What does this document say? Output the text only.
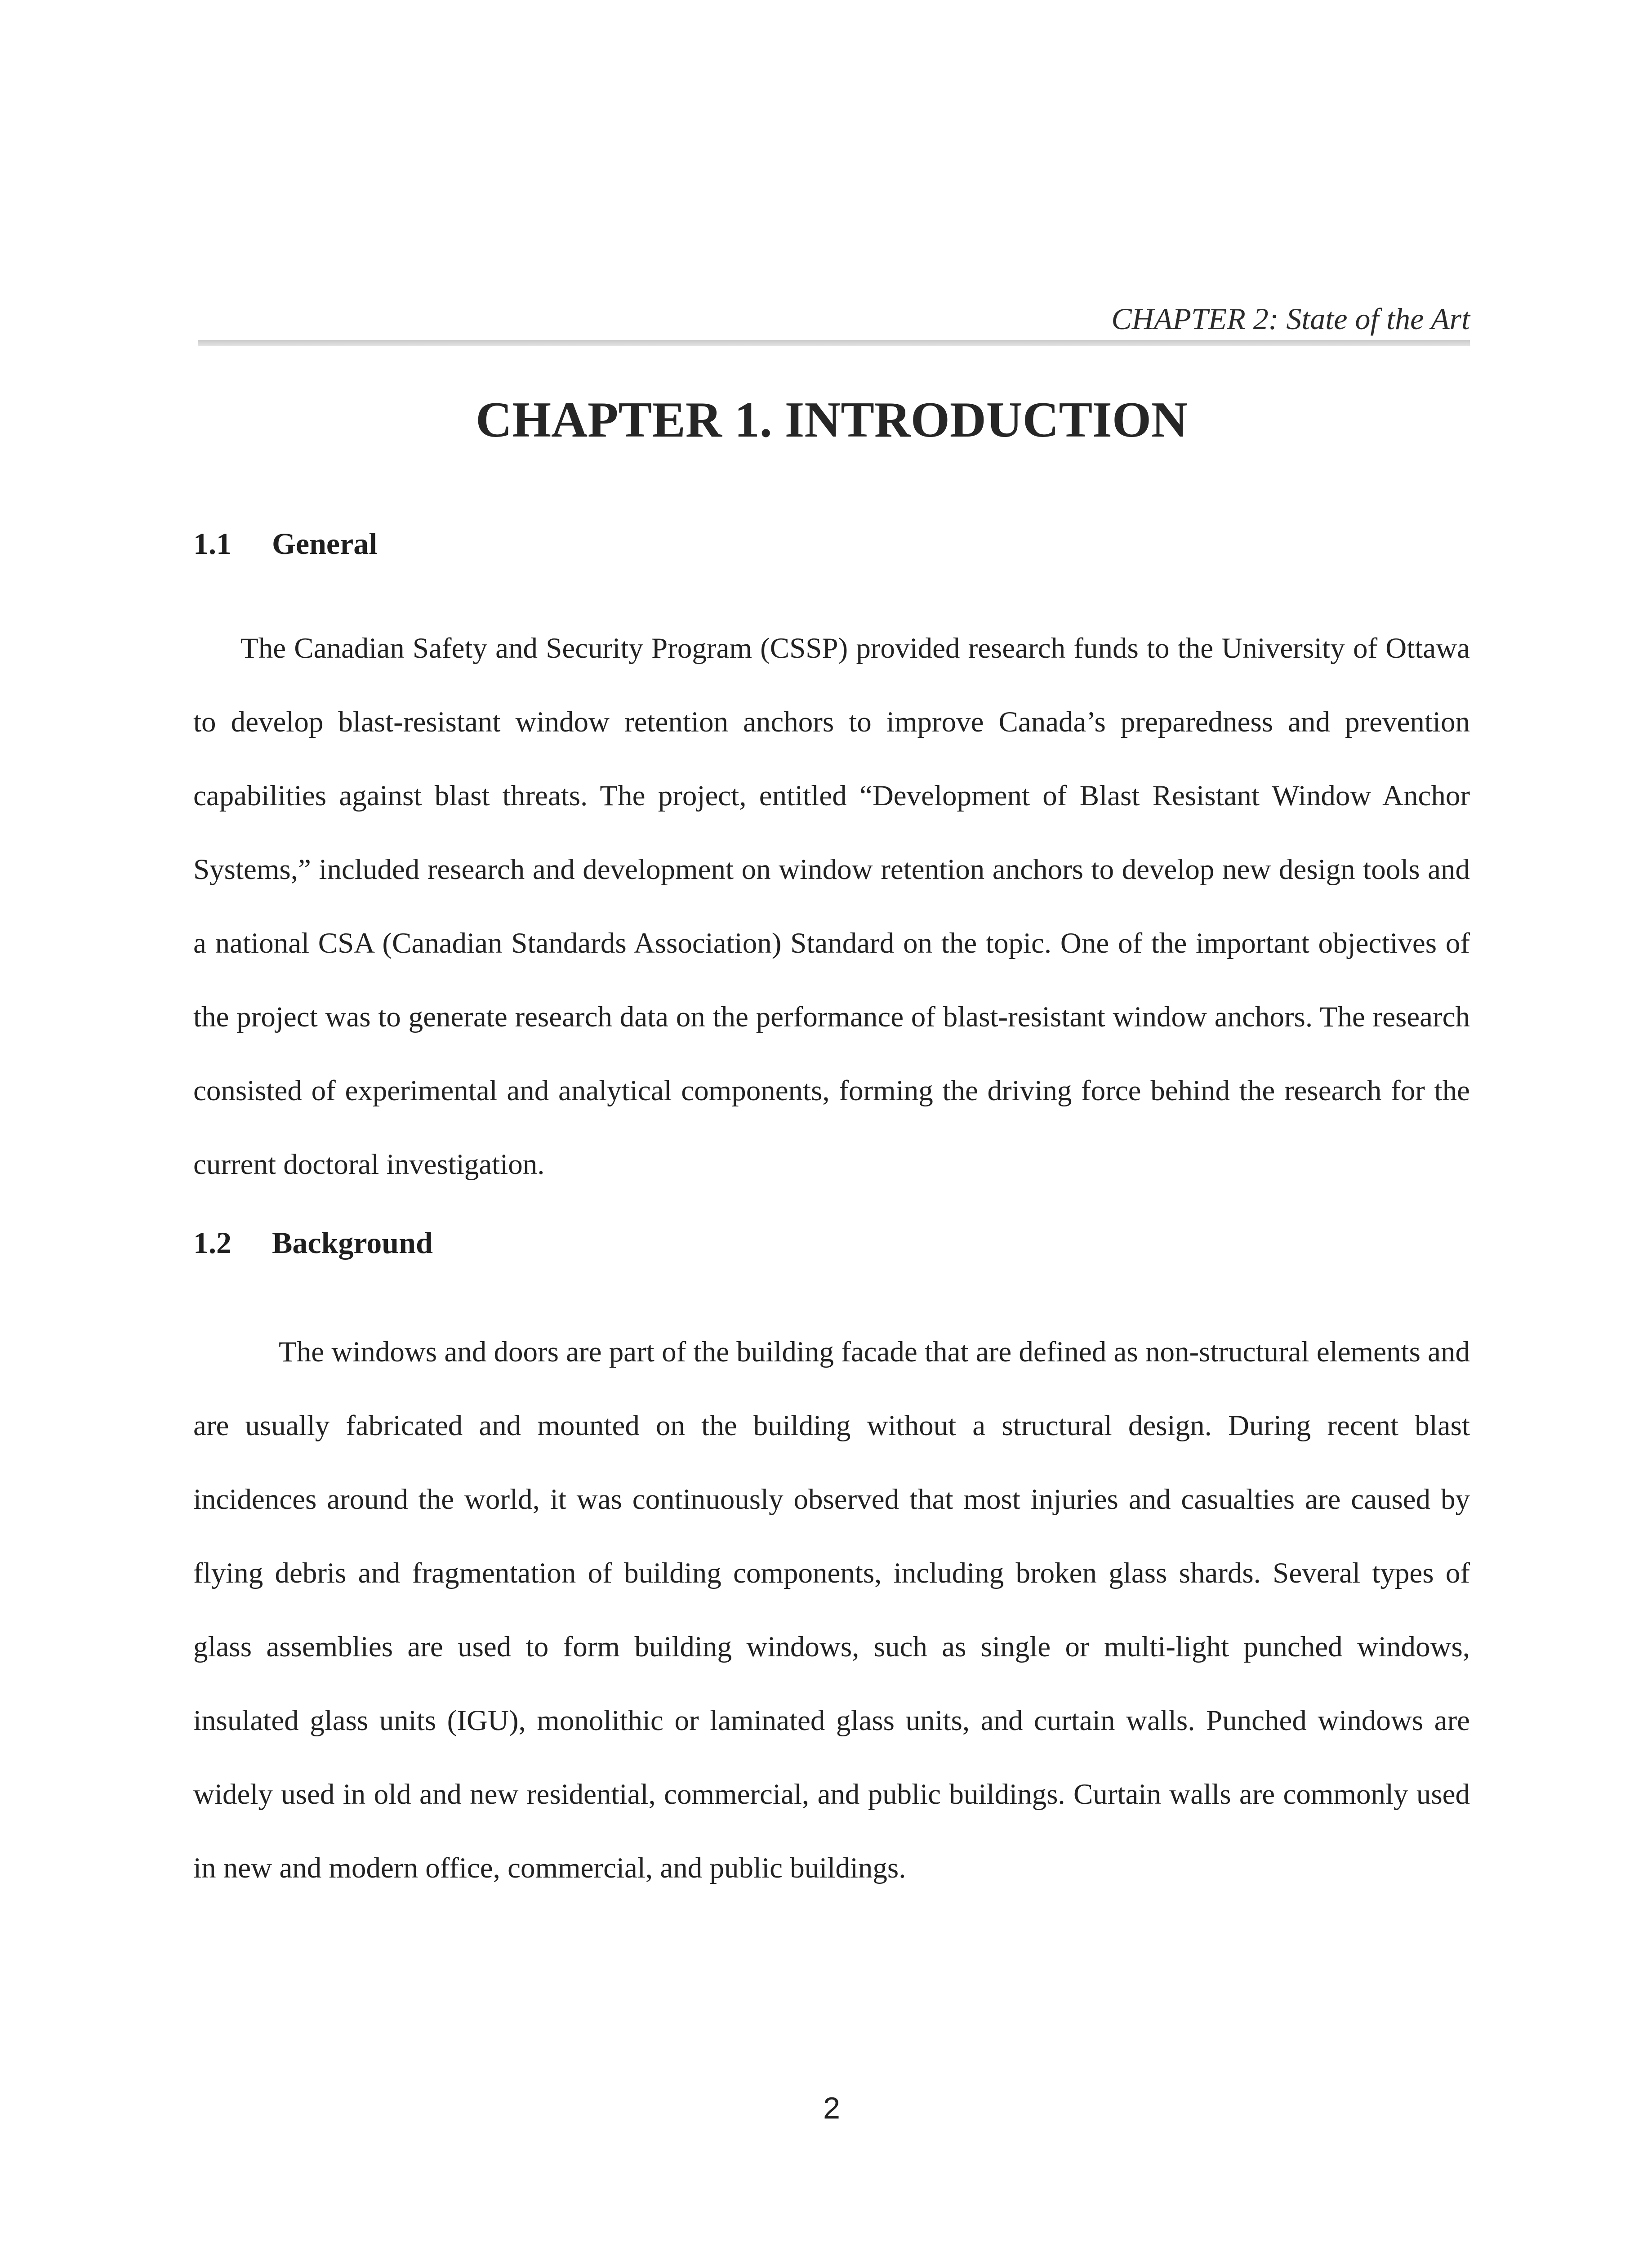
CHAPTER 2: State of the Art
CHAPTER 1. INTRODUCTION
1.1 General

The Canadian Safety and Security Program (CSSP) provided research funds to the University of Ottawa to develop blast-resistant window retention anchors to improve Canada’s preparedness and prevention capabilities against blast threats. The project, entitled “Development of Blast Resistant Window Anchor Systems,” included research and development on window retention anchors to develop new design tools and a national CSA (Canadian Standards Association) Standard on the topic. One of the important objectives of the project was to generate research data on the performance of blast-resistant window anchors. The research consisted of experimental and analytical components, forming the driving force behind the research for the current doctoral investigation.

1.2 Background

The windows and doors are part of the building facade that are defined as non-structural elements and are usually fabricated and mounted on the building without a structural design. During recent blast incidences around the world, it was continuously observed that most injuries and casualties are caused by flying debris and fragmentation of building components, including broken glass shards. Several types of glass assemblies are used to form building windows, such as single or multi-light punched windows, insulated glass units (IGU), monolithic or laminated glass units, and curtain walls. Punched windows are widely used in old and new residential, commercial, and public buildings. Curtain walls are commonly used in new and modern office, commercial, and public buildings.

2
